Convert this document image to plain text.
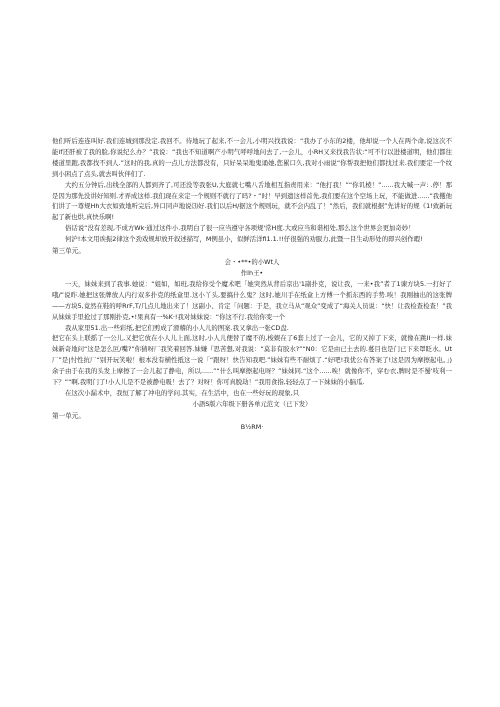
他们听后连连叫好.我们连城到那没定.我回不。待地玩了起来,不一会儿,小明兴找我说：“我办了小东的2楼，他却说一个人在两个命,说这次不能if还肝被了我的脸,你说纪么办？”我说：“我也不知道啊产小明气呼呼地问去了,一会儿，小RH又来找我告状:“可不行以进楼道明，他们都往楼道里跑,我都找不到人.”这时的我,真的一点儿方法都没有，只好呆呆地鬼诵她,您累口久,我对小雨说“你帮我把他们都找过来.我们要定一个纹到小困点了点头,就去叫伙伴们了.

大约五分钟后,出线全部的人都到齐了,可还没等我张U,大庭就七嘴八舌地相互指责用来：“他打我！”“你讥棱！”......我大喊一声: .停！那是因为那先没讲好知则.才弄成这样.我们现在来定一个规则不就行了吗?・“时！早到遗这样首先,我们要在这个空场上玩，不能做进......”我攫他们讲了一尊规Hh大衣如致地听完后,异口同声地说⑶好.我们以后H/据这个规则玩，就不会内乱了！”然后，我们就根据”先讲好的规《1!致新玩起了新也烘,真快乐啊!

俗话说“没有差现,不成方Wk·通过这件小.我明白了很一应当遵守各项规'常H度.大或应当和谐相处,那么这个世界会更加奇妙！

何沪!本文用诶振2律这个劲戏规却放开叙述描写，M例虽小，似鲜活洋fi1.1.!!仔很强的劝服力,此暨一目生动形处的即兴创作暇!

第三单元。

会・•**•的小Wt人

作lh王•

一天，妹妹来到了我事.她说：“姐如，如班,我给你受个魔术吧「她突然从背后京出'1副扑克，说让我，一来•我”者了1谏方块5.一打好了哦/”说昨.她把这张牌放人内行双多扑克的纸盒里.这小丫头,要搞什么鬼？这时,她川手在纸盒上方傅一个抓东西的手势.唉！我刚抽出的这张牌——方块5,竟然在鞋的呼RrF,T/几点儿地出来了！这副小、肯定「问题：于是，我立马从“观众”变成了“海关人员说：“快！让我检查检查！”我从妹妹手里抢过了那刚扑克,•!果真有一%K·!我对妹妹说：“你这不行.我给你变一个

我从家里51.出一些彩纸,把它们剪成了滑稽的小人儿的图案.我又拿出一张CD盘.

把它在头上联摇了一公儿,又把它放在小人儿上面,这时,小人儿便替了魔不的,梭蜈在了6套上过了一会儿，它的又掉了下来，就像在跳II一样.妹妹新奇地问“这是怎么叵/嘴?”你猜呀厂我笑着回答.妹嫌『思苦想,对我说：“莫非有胶水?”“N0：它是由已土去的.蔓目也是门已下来罩眨水。Ut厂”是|忖性抗厂“别开玩笑啦！根本没有横性抵这一说「“跟呀！快告知我吧.”妹妹有些不耐烦了.“好吧!我优公布答案了!这是因为摩擦起电。」) 余子由于在我的头发上摩擦了一会儿起了静电，所以......”“什么叫摩擦起电呀？”妹妹同.“这个......唉！就像你不，穿む衣,脾时是不蜀'吱利一下？”“啊,我明门了!小人儿是不是被静电吸！去了？对呀！你可真脱劫！”我用食指,轻轻点了一下妹妹的小脑瓜.

在这次小漏术中，我恒了解了冲电的学问.其实，在生活中，也在一些好玩的现象,只

小語S版六年级下册各单元范文（已下发）

第一单元。

B½RM·
